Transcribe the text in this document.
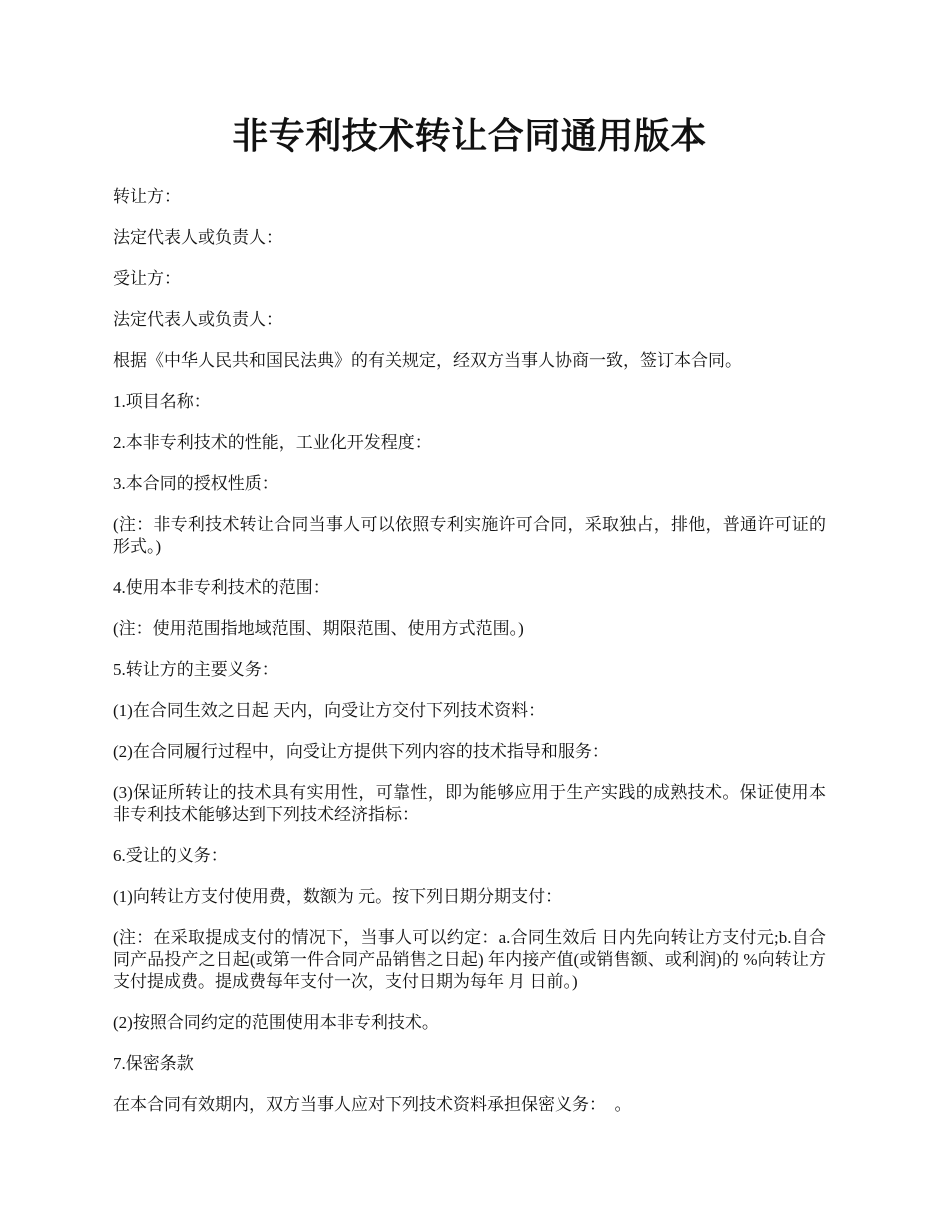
非专利技术转让合同通用版本

转让方：

法定代表人或负责人：

受让方：

法定代表人或负责人：

根据《中华人民共和国民法典》的有关规定，经双方当事人协商一致，签订本合同。

1.项目名称：

2.本非专利技术的性能，工业化开发程度：

3.本合同的授权性质：

(注：非专利技术转让合同当事人可以依照专利实施许可合同，采取独占，排他，普通许可证的形式。)

4.使用本非专利技术的范围：

(注：使用范围指地域范围、期限范围、使用方式范围。)

5.转让方的主要义务：

(1)在合同生效之日起 天内，向受让方交付下列技术资料：

(2)在合同履行过程中，向受让方提供下列内容的技术指导和服务：

(3)保证所转让的技术具有实用性，可靠性，即为能够应用于生产实践的成熟技术。保证使用本非专利技术能够达到下列技术经济指标：

6.受让的义务：

(1)向转让方支付使用费，数额为 元。按下列日期分期支付：

(注：在采取提成支付的情况下，当事人可以约定：a.合同生效后 日内先向转让方支付元;b.自合同产品投产之日起(或第一件合同产品销售之日起) 年内接产值(或销售额、或利润)的 %向转让方支付提成费。提成费每年支付一次，支付日期为每年 月 日前。)

(2)按照合同约定的范围使用本非专利技术。

7.保密条款

在本合同有效期内，双方当事人应对下列技术资料承担保密义务：　。
